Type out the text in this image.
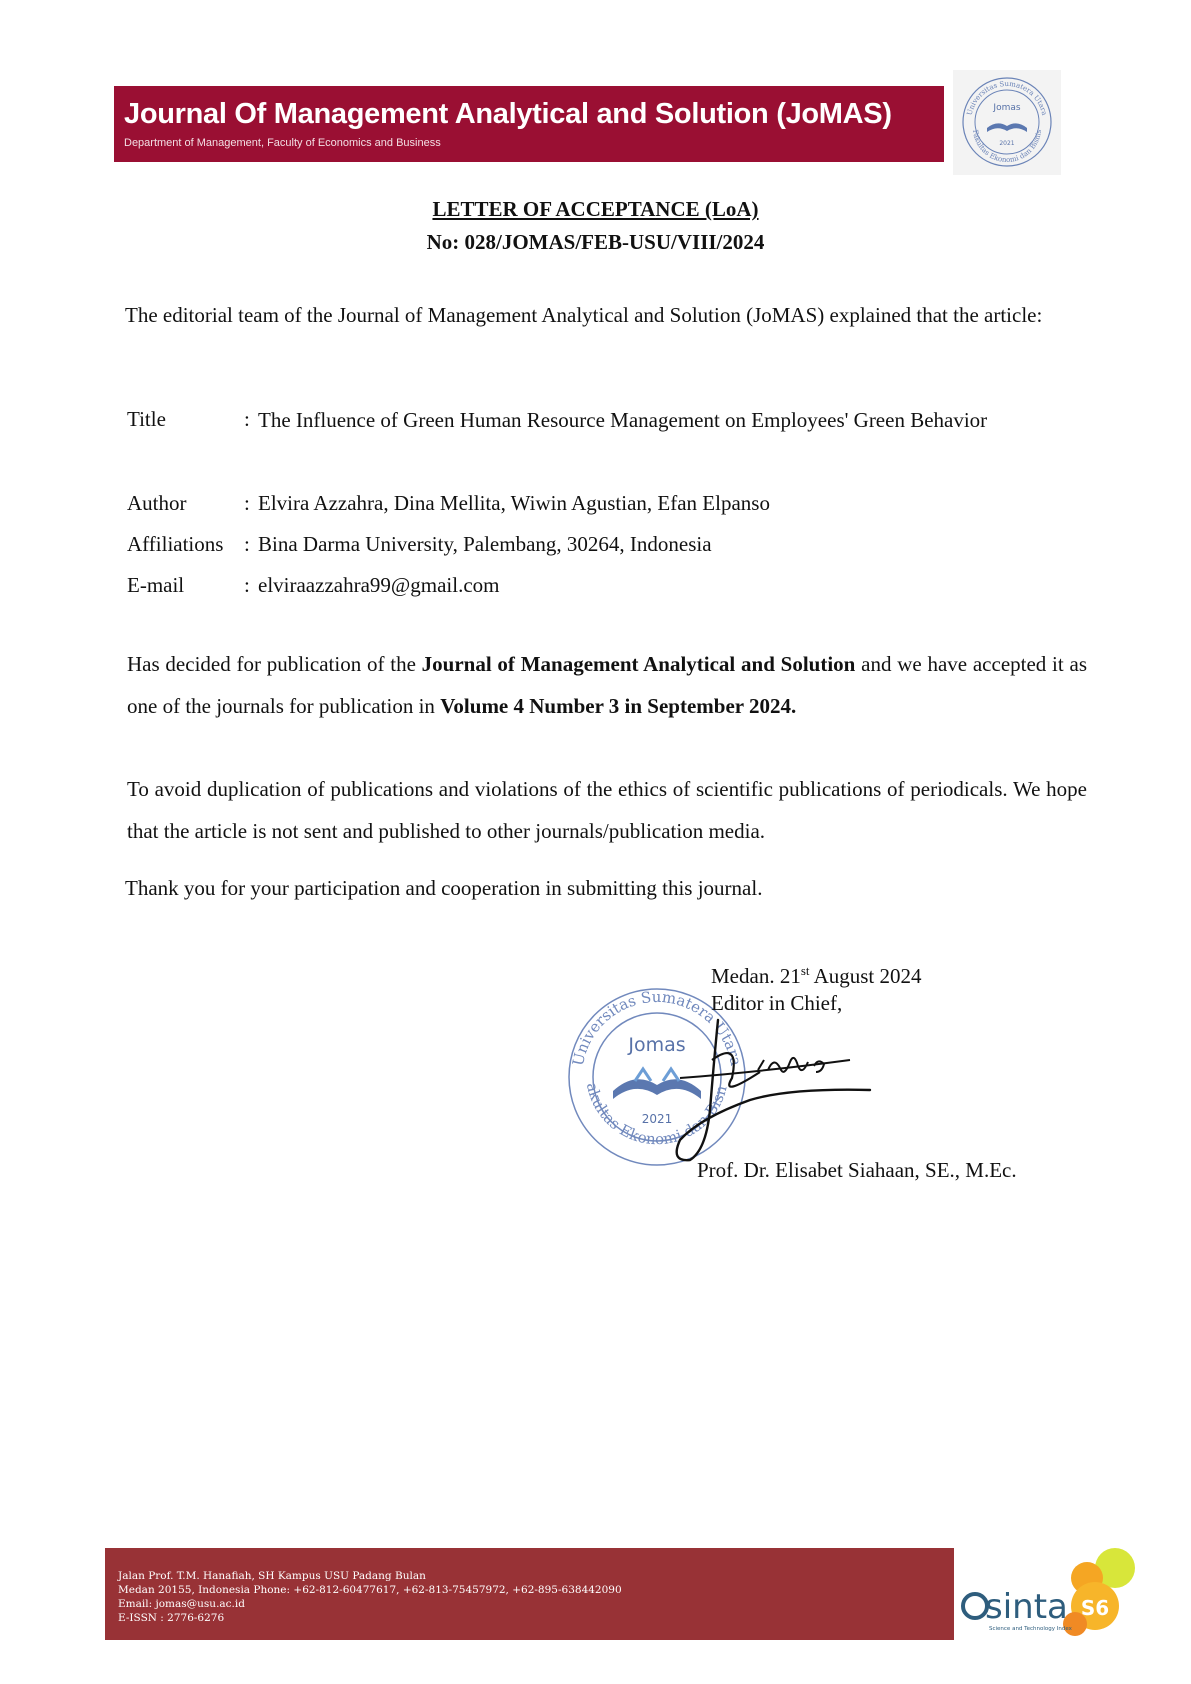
Journal Of Management Analytical and Solution (JoMAS)
Department of Management, Faculty of Economics and Business
Universitas Sumatera Utara
Fakultas Ekonomi dan Bisnis
Jomas
2021
LETTER OF ACCEPTANCE (LoA)
No: 028/JOMAS/FEB-USU/VIII/2024
The editorial team of the Journal of Management Analytical and Solution (JoMAS) explained that the article:
Title	: The Influence of Green Human Resource Management on Employees' Green Behavior
Author	: Elvira Azzahra, Dina Mellita, Wiwin Agustian, Efan Elpanso
Affiliations : Bina Darma University, Palembang, 30264, Indonesia
E-mail	: elviraazzahra99@gmail.com
Has decided for publication of the Journal of Management Analytical and Solution and we have accepted it as one of the journals for publication in Volume 4 Number 3 in September 2024.
To avoid duplication of publications and violations of the ethics of scientific publications of periodicals. We hope that the article is not sent and published to other journals/publication media.
Thank you for your participation and cooperation in submitting this journal.
Universitas Sumatera Utara
akultas Ekonomi dan Bisn
Jomas
2021
Medan. 21st August 2024
Editor in Chief,
Prof. Dr. Elisabet Siahaan, SE., M.Ec.
Jalan Prof. T.M. Hanafiah, SH Kampus USU Padang Bulan
Medan 20155, Indonesia Phone: +62-812-60477617, +62-813-75457972, +62-895-638442090
Email: jomas@usu.ac.id
E-ISSN : 2776-6276	sinta S6
Science and Technology Index
